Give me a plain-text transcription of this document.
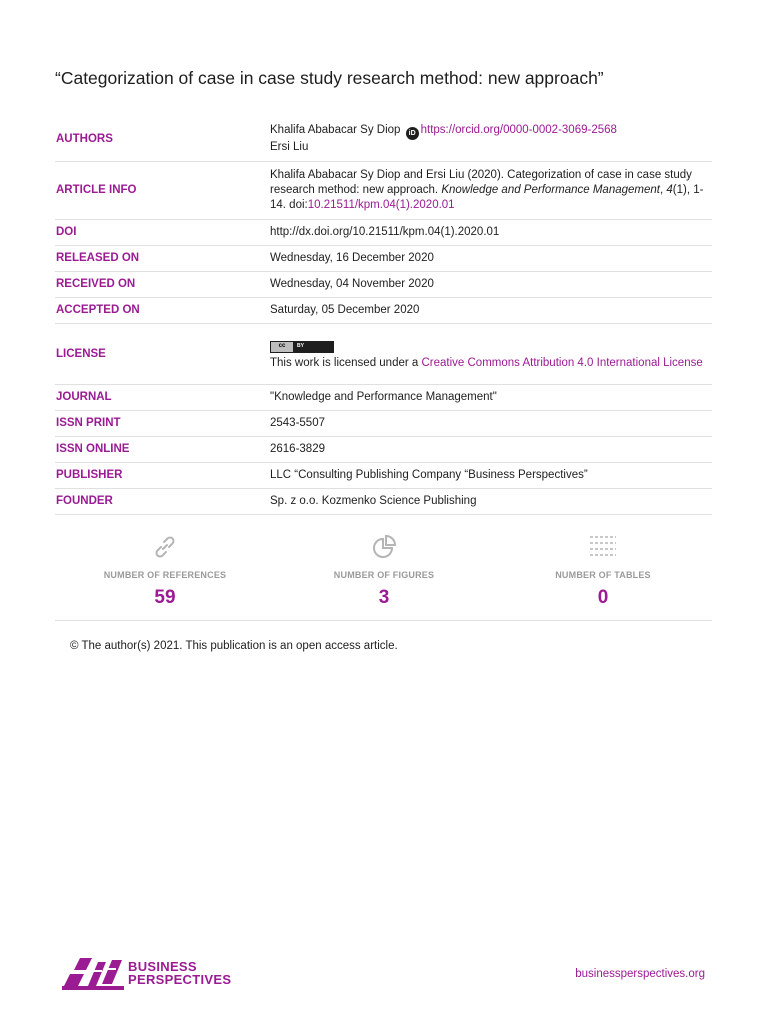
“Categorization of case in case study research method: new approach”
AUTHORS	Khalifa Ababacar Sy Diop iD https://orcid.org/0000-0002-3069-2568
Ersi Liu
ARTICLE INFO	Khalifa Ababacar Sy Diop and Ersi Liu (2020). Categorization of case in case study research method: new approach. Knowledge and Performance Management, 4(1), 1-14. doi:10.21511/kpm.04(1).2020.01
DOI	http://dx.doi.org/10.21511/kpm.04(1).2020.01
RELEASED ON	Wednesday, 16 December 2020
RECEIVED ON	Wednesday, 04 November 2020
ACCEPTED ON	Saturday, 05 December 2020
LICENSE	cc BY

This work is licensed under a Creative Commons Attribution 4.0 International License
JOURNAL	"Knowledge and Performance Management"
ISSN PRINT	2543-5507
ISSN ONLINE	2616-3829
PUBLISHER	LLC “Consulting Publishing Company “Business Perspectives”
FOUNDER	Sp. z o.o. Kozmenko Science Publishing
NUMBER OF REFERENCES
59
NUMBER OF FIGURES
3
NUMBER OF TABLES
0
© The author(s) 2021. This publication is an open access article.
BUSINESS
PERSPECTIVES	businessperspectives.org
